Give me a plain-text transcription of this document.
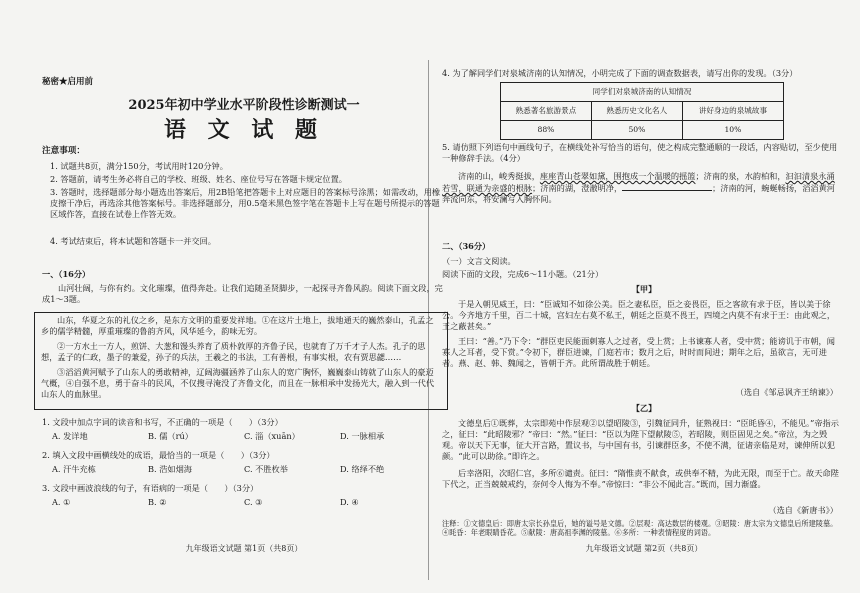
秘密★启用前
2025年初中学业水平阶段性诊断测试一
语 文 试 题
注意事项：
1. 试题共8页，满分150分，考试用时120分钟。
2. 答题前，请考生务必将自己的学校、班级、姓名、座位号写在答题卡规定位置。
3. 答题时，选择题部分每小题选出答案后，用2B铅笔把答题卡上对应题目的答案标号涂黑；如需改动，用橡皮擦干净后，再选涂其他答案标号。非选择题部分，用0.5毫米黑色签字笔在答题卡上写在题号所提示的答题区域作答，直接在试卷上作答无效。
4. 考试结束后，将本试题和答题卡一并交回。
一、（16分）
山河壮阔，与你有约。文化璀璨，值得奔赴。让我们追随圣贤脚步，一起探寻齐鲁风韵。阅读下面文段，完成1～3题。

山东，华夏之东的礼仪之乡，是东方文明的重要发祥地。①在这片土地上，拔地通天的巍然泰山，孔孟之乡的儒学精髓，厚重璀璨的鲁韵齐风，风华延今，韵味无穷。

②一方水土一方人，煎饼、大葱和馒头养育了质朴敦厚的齐鲁子民，也就育了万千才子人杰。孔子的思想，孟子的仁政，墨子的兼爱，孙子的兵法，王羲之的书法，工有善根，有事实根，农有贾思勰……

③滔滔黄河赋予了山东人的勇敢精神，辽阔海疆涵养了山东人的宽广胸怀，巍巍泰山铸就了山东人的豪迈气概，④自强不息，勇于奋斗的民风，不仅搜寻淹没了齐鲁文化，而且在一脉相承中发扬光大，融入到一代代山东人的血脉里。

1. 文段中加点字词的读音和书写，不正确的一项是（　　）（3分）
A. 发详地	B. 儒（rú）	C. 淄（xuān）	D. 一脉相承
2. 填入文段中画横线处的成语，最恰当的一项是（　　）（3分）
A. 汗牛充栋	B. 浩如烟海	C. 不胜枚举	D. 络绎不绝
3. 文段中画波浪线的句子，有语病的一项是（　　）（3分）
A. ①	B. ②	C. ③	D. ④
九年级语文试题 第1页（共8页）
4. 为了解同学们对泉城济南的认知情况，小明完成了下面的调查数据表，请写出你的发现。（3分）
同学们对泉城济南的认知情况		
熟悉著名旅游景点	熟悉历史文化名人	讲好身边的泉城故事
88%	50%	10%
5. 请仿照下列语句中画线句子，在横线处补写恰当的语句，使之构成完整通顺的一段话，内容贴切，至少使用一种修辞手法。（4分）
济南的山，峻秀挺拔，座座青山苍翠如黛，围抱成一个温暖的摇篮；济南的泉，水韵柏和，汩汩清泉永涌若雪，联通为亲盛的根脉；济南的湖，澄澈明净，	；济南的河，蜿蜒畅扬，滔滔黄河奔流向东，将安澜写入胸怀间。
二、（36分）
（一）文言文阅读。
阅读下面的文段，完成6～11小题。（21分）
【甲】
于是入朝见威王，曰：“臣诚知不如徐公美。臣之妻私臣，臣之妾畏臣，臣之客欲有求于臣，皆以美于徐公。今齐地方千里，百二十城，宫妇左右莫不私王，朝廷之臣莫不畏王，四境之内莫不有求于王：由此观之，王之蔽甚矣。”
王曰：“善。”乃下令：“群臣吏民能面刺寡人之过者，受上赏；上书谏寡人者，受中赏；能谤讥于市朝，闻寡人之耳者，受下赏。”令初下，群臣进谏，门庭若市；数月之后，时时而间进；期年之后，虽欲言，无可进者。燕、赵、韩、魏闻之，皆朝于齐。此所谓战胜于朝廷。
（选自《邹忌讽齐王纳谏》）
【乙】
文德皇后①既葬，太宗即苑中作层观②以望昭陵③，引魏征同升，征熟视曰：“臣眊昏④，不能见。”帝指示之，征曰：“此昭陵邪？”帝曰：“然。”征曰：“臣以为陛下望献陵⑤，若昭陵，则臣固见之矣。”帝泣，为之毁观。帝以天下无事，征大开言路，置议书，与中国有书，引谏群臣多，不使不满，征诸亲临是对，谏伸所以犯颜。“此可以助徐。”即许之。
后幸洛阳，次昭仁宫，多所⑥谴责。征曰：“隋惟责不献食，或供奉不精，为此无限，而至于亡。故天命陛下代之，正当兢兢戒约，奈何令人悔为不奉。”帝惊曰：“非公不闻此言。”既而，国力渐盛。
（选自《新唐书》）
注释：①文德皇后：即唐太宗长孙皇后，她的谥号是文德。②层观：高达数层的楼观。③昭陵：唐太宗为文德皇后所建陵墓。④眊昏：年老眼睛昏花。⑤献陵：唐高祖李渊的陵墓。⑥多所：一种表情程度的词语。
九年级语文试题 第2页（共8页）
